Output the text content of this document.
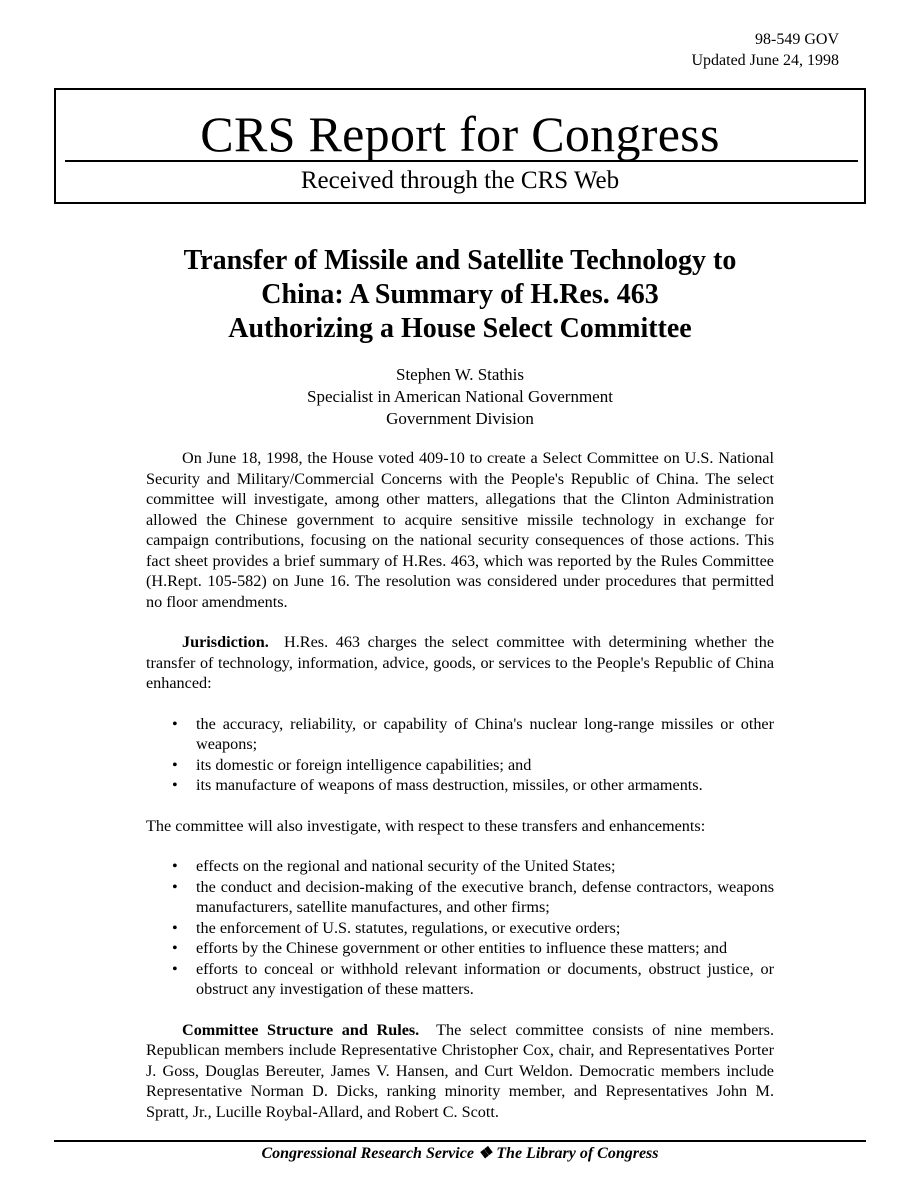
98-549 GOV
Updated June 24, 1998
CRS Report for Congress
Received through the CRS Web
Transfer of Missile and Satellite Technology to
China: A Summary of H.Res. 463
Authorizing a House Select Committee
Stephen W. Stathis
Specialist in American National Government
Government Division

On June 18, 1998, the House voted 409-10 to create a Select Committee on U.S. National Security and Military/Commercial Concerns with the People's Republic of China. The select committee will investigate, among other matters, allegations that the Clinton Administration allowed the Chinese government to acquire sensitive missile technology in exchange for campaign contributions, focusing on the national security consequences of those actions. This fact sheet provides a brief summary of H.Res. 463, which was reported by the Rules Committee (H.Rept. 105-582) on June 16. The resolution was considered under procedures that permitted no floor amendments.

Jurisdiction. H.Res. 463 charges the select committee with determining whether the transfer of technology, information, advice, goods, or services to the People's Republic of China enhanced:

• the accuracy, reliability, or capability of China's nuclear long-range missiles or other weapons;
• its domestic or foreign intelligence capabilities; and
• its manufacture of weapons of mass destruction, missiles, or other armaments.

The committee will also investigate, with respect to these transfers and enhancements:

• effects on the regional and national security of the United States;
• the conduct and decision-making of the executive branch, defense contractors, weapons manufacturers, satellite manufactures, and other firms;
• the enforcement of U.S. statutes, regulations, or executive orders;
• efforts by the Chinese government or other entities to influence these matters; and
• efforts to conceal or withhold relevant information or documents, obstruct justice, or obstruct any investigation of these matters.

Committee Structure and Rules. The select committee consists of nine members. Republican members include Representative Christopher Cox, chair, and Representatives Porter J. Goss, Douglas Bereuter, James V. Hansen, and Curt Weldon. Democratic members include Representative Norman D. Dicks, ranking minority member, and Representatives John M. Spratt, Jr., Lucille Roybal-Allard, and Robert C. Scott.

Congressional Research Service ❖ The Library of Congress
